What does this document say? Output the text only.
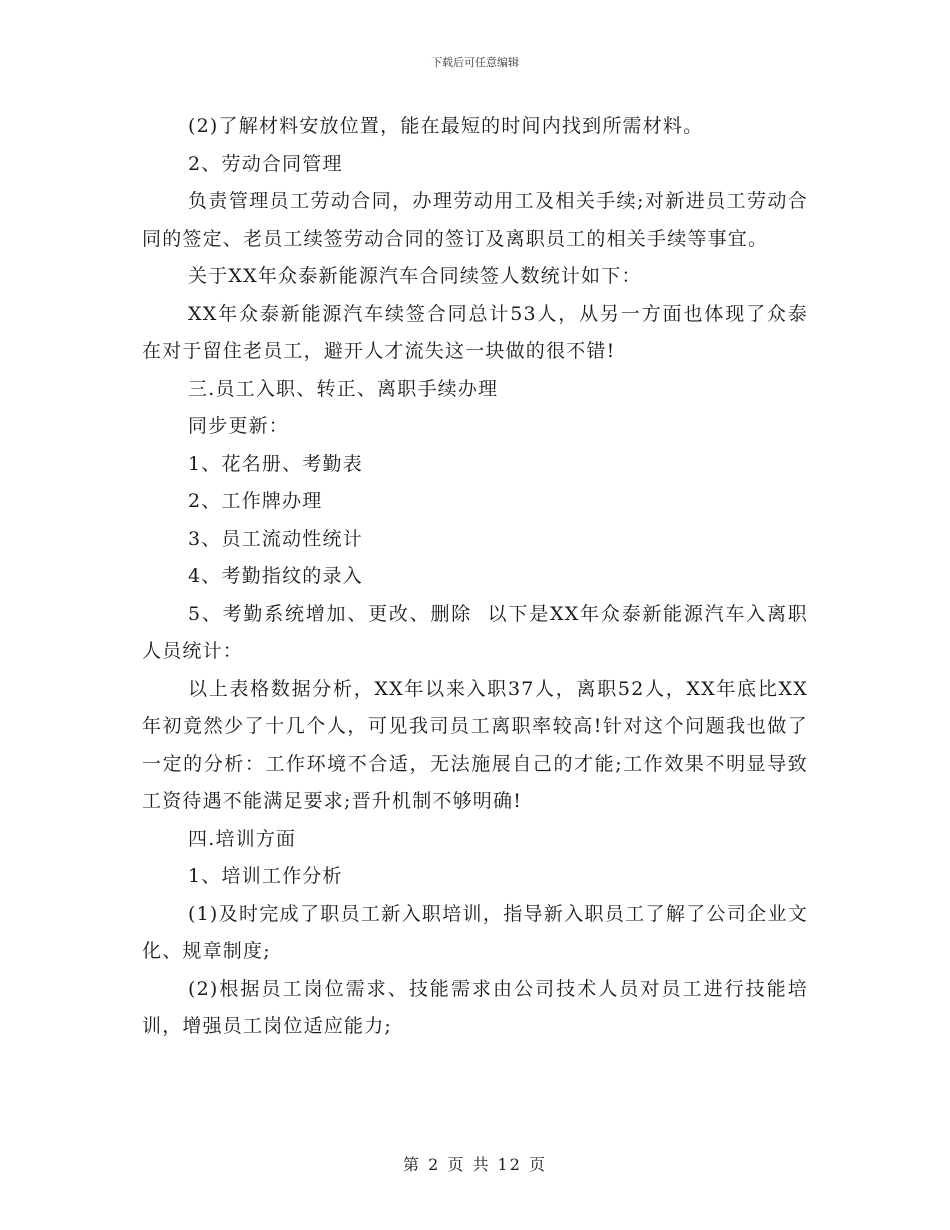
下载后可任意编辑

(2)了解材料安放位置，能在最短的时间内找到所需材料。

2、劳动合同管理

负责管理员工劳动合同，办理劳动用工及相关手续;对新进员工劳动合同的签定、老员工续签劳动合同的签订及离职员工的相关手续等事宜。

关于XX年众泰新能源汽车合同续签人数统计如下：

XX年众泰新能源汽车续签合同总计53人，从另一方面也体现了众泰在对于留住老员工，避开人才流失这一块做的很不错!

三.员工入职、转正、离职手续办理

同步更新：

1、花名册、考勤表

2、工作牌办理

3、员工流动性统计

4、考勤指纹的录入

5、考勤系统增加、更改、删除  以下是XX年众泰新能源汽车入离职人员统计：

以上表格数据分析，XX年以来入职37人，离职52人，XX年底比XX年初竟然少了十几个人，可见我司员工离职率较高!针对这个问题我也做了一定的分析：工作环境不合适，无法施展自己的才能;工作效果不明显导致工资待遇不能满足要求;晋升机制不够明确!

四.培训方面

1、培训工作分析

(1)及时完成了职员工新入职培训，指导新入职员工了解了公司企业文化、规章制度;

(2)根据员工岗位需求、技能需求由公司技术人员对员工进行技能培训，增强员工岗位适应能力;

第 2 页 共 12 页
